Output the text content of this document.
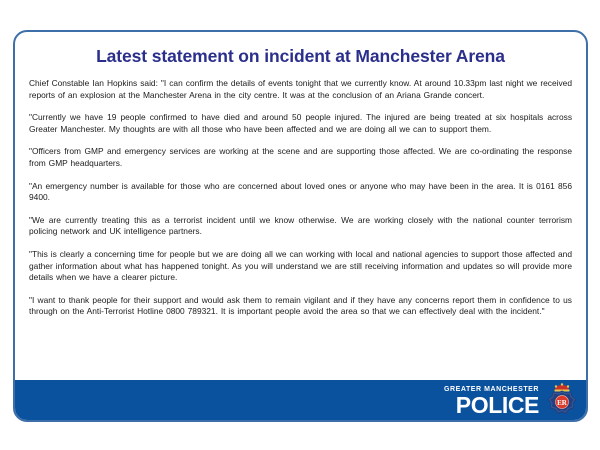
Latest statement on incident at Manchester Arena

Chief Constable Ian Hopkins said: "I can confirm the details of events tonight that we currently know. At around 10.33pm last night we received reports of an explosion at the Manchester Arena in the city centre. It was at the conclusion of an Ariana Grande concert.

"Currently we have 19 people confirmed to have died and around 50 people injured. The injured are being treated at six hospitals across Greater Manchester. My thoughts are with all those who have been affected and we are doing all we can to support them.

"Officers from GMP and emergency services are working at the scene and are supporting those affected. We are co-ordinating the response from GMP headquarters.

"An emergency number is available for those who are concerned about loved ones or anyone who may have been in the area. It is 0161 856 9400.

"We are currently treating this as a terrorist incident until we know otherwise. We are working closely with the national counter terrorism policing network and UK intelligence partners.

"This is clearly a concerning time for people but we are doing all we can working with local and national agencies to support those affected and gather information about what has happened tonight. As you will understand we are still receiving information and updates so will provide more details when we have a clearer picture.

"I want to thank people for their support and would ask them to remain vigilant and if they have any concerns report them in confidence to us through on the Anti-Terrorist Hotline 0800 789321. It is important people avoid the area so that we can effectively deal with the incident."

GREATER MANCHESTER
POLICE ER
